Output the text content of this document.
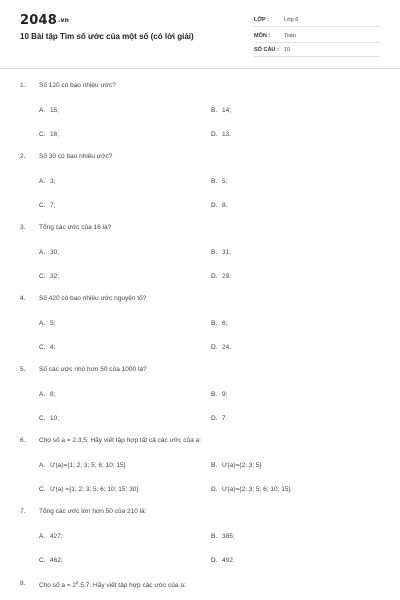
2048.vn
10 Bài tập Tìm số ước của một số (có lời giải)
LỚP :	Lớp 6
MÔN :	Toán
SỐ CÂU : 10
1. Số 120 có bao nhiêu ước?
A. 15;	B. 14;
C. 16;	D. 13.
2. Số 30 có bao nhiêu ước?
A. 3;	B. 5;
C. 7;	D. 8.
3. Tổng các ước của 16 là?
A. 30;	B. 31;
C. 32;	D. 29.
4. Số 420 có bao nhiêu ước nguyên tố?
A. 5;	B. 6;
C. 4;	D. 24.
5. Số các ước nhỏ hơn 50 của 1000 là?
A. 8;	B. 9;
C. 10;	D. 7.
6. Cho số a = 2.3.5. Hãy viết tập hợp tất cả các ước của a:
A. Ư(a)={1; 2; 3; 5; 6; 10; 15}	B. Ư(a)={2; 3; 5}
C. Ư(a) ={1; 2; 3; 5; 6; 10; 15; 30}	D. Ư(a)={2; 3; 5; 6; 10; 15}
7. Tổng các ước lớn hơn 50 của 210 là:
A. 427;	B. 385;
C. 462;	D. 492.
8. Cho số $a = 2^2.5.7$. Hãy viết tập hợp các ước của a:
